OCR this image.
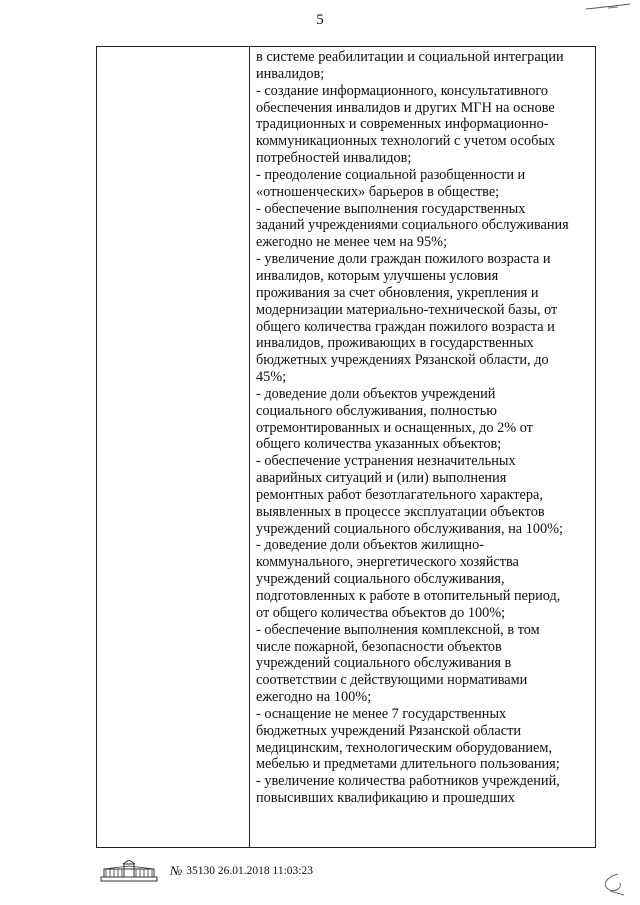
5
в системе реабилитации и социальной интеграции
инвалидов;
- создание информационного, консультативного
обеспечения инвалидов и других МГН на основе
традиционных и современных информационно-
коммуникационных технологий с учетом особых
потребностей инвалидов;
- преодоление социальной разобщенности и
«отношенческих» барьеров в обществе;
- обеспечение выполнения государственных
заданий учреждениями социального обслуживания
ежегодно не менее чем на 95%;
- увеличение доли граждан пожилого возраста и
инвалидов, которым улучшены условия
проживания за счет обновления, укрепления и
модернизации материально-технической базы, от
общего количества граждан пожилого возраста и
инвалидов, проживающих в государственных
бюджетных учреждениях Рязанской области, до
45%;
- доведение доли объектов учреждений
социального обслуживания, полностью
отремонтированных и оснащенных, до 2% от
общего количества указанных объектов;
- обеспечение устранения незначительных
аварийных ситуаций и (или) выполнения
ремонтных работ безотлагательного характера,
выявленных в процессе эксплуатации объектов
учреждений социального обслуживания, на 100%;
- доведение доли объектов жилищно-
коммунального, энергетического хозяйства
учреждений социального обслуживания,
подготовленных к работе в отопительный период,
от общего количества объектов до 100%;
- обеспечение выполнения комплексной, в том
числе пожарной, безопасности объектов
учреждений социального обслуживания в
соответствии с действующими нормативами
ежегодно на 100%;
- оснащение не менее 7 государственных
бюджетных учреждений Рязанской области
медицинским, технологическим оборудованием,
мебелью и предметами длительного пользования;
- увеличение количества работников учреждений,
повысивших квалификацию и прошедших
№ 35130 26.01.2018 11:03:23
